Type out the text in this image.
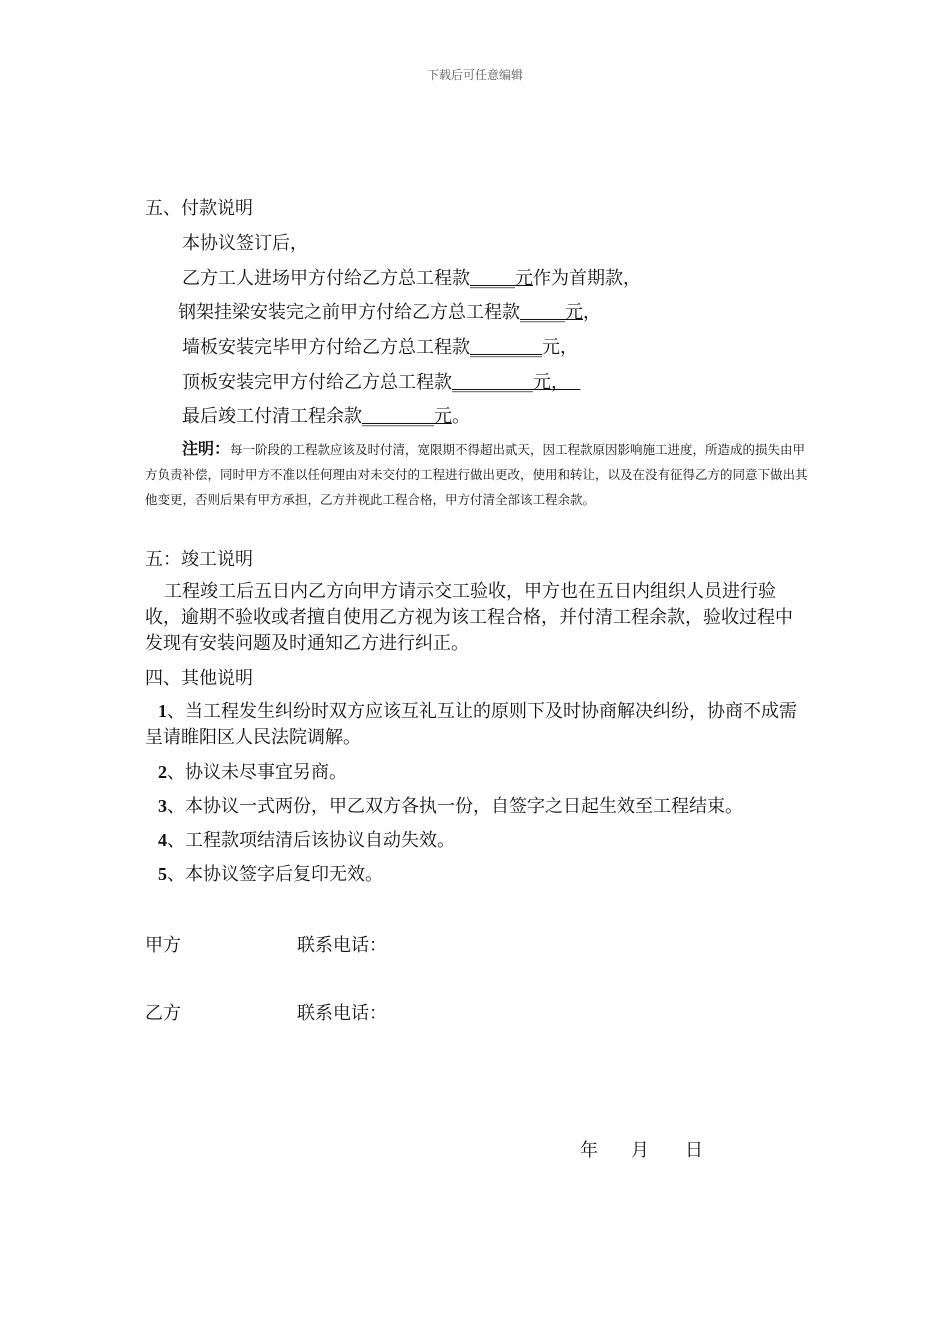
下载后可任意编辑
五、付款说明
本协议签订后，
乙方工人进场甲方付给乙方总工程款_____元作为首期款，
钢架挂梁安装完之前甲方付给乙方总工程款_____元，
墙板安装完毕甲方付给乙方总工程款________元，
顶板安装完甲方付给乙方总工程款_________元，
最后竣工付清工程余款________元。
注明：每一阶段的工程款应该及时付清，宽限期不得超出贰天，因工程款原因影响施工进度，所造成的损失由甲方负责补偿，同时甲方不准以任何理由对未交付的工程进行做出更改，使用和转让，以及在没有征得乙方的同意下做出其他变更，否则后果有甲方承担，乙方并视此工程合格，甲方付清全部该工程余款。
五：竣工说明
工程竣工后五日内乙方向甲方请示交工验收，甲方也在五日内组织人员进行验收，逾期不验收或者擅自使用乙方视为该工程合格，并付清工程余款，验收过程中发现有安装问题及时通知乙方进行纠正。
四、其他说明
1、当工程发生纠纷时双方应该互礼互让的原则下及时协商解决纠纷，协商不成需呈请睢阳区人民法院调解。
2、协议未尽事宜另商。
3、本协议一式两份，甲乙双方各执一份，自签字之日起生效至工程结束。
4、工程款项结清后该协议自动失效。
5、本协议签字后复印无效。
甲方	联系电话：
乙方	联系电话：
年 月 日
